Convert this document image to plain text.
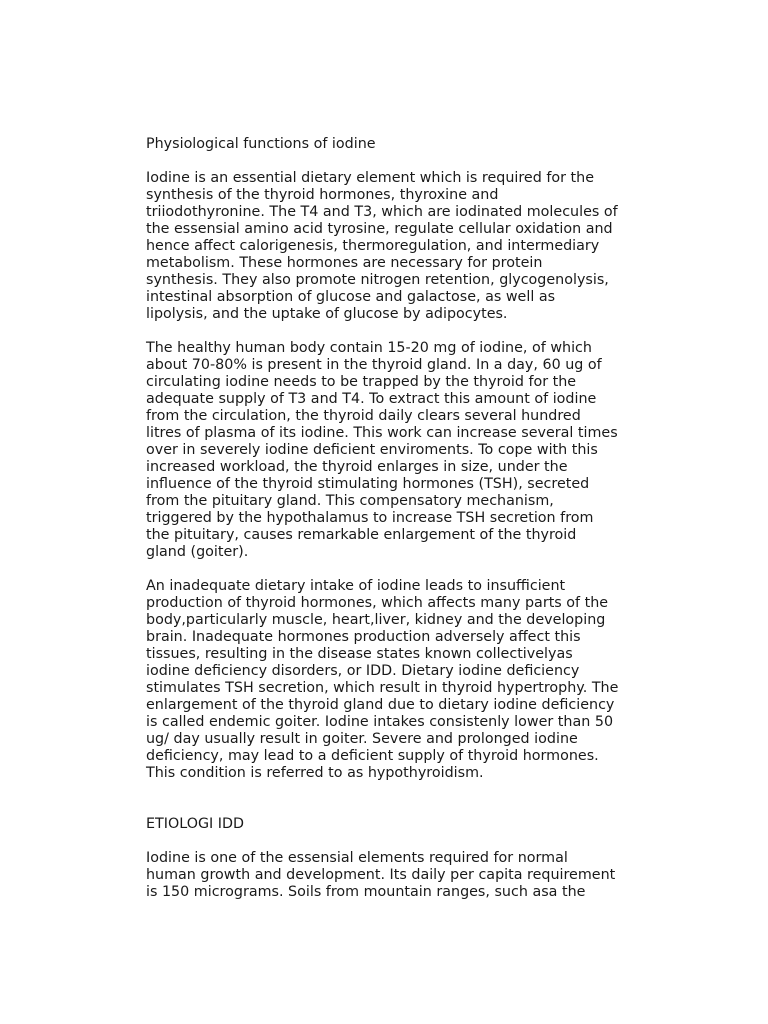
Physiological functions of iodine

Iodine is an essential dietary element which is required for the
synthesis of the thyroid hormones, thyroxine and
triiodothyronine. The T4 and T3, which are iodinated molecules of
the essensial amino acid tyrosine, regulate cellular oxidation and
hence affect calorigenesis, thermoregulation, and intermediary
metabolism. These hormones are necessary for protein
synthesis. They also promote nitrogen retention, glycogenolysis,
intestinal absorption of glucose and galactose, as well as
lipolysis, and the uptake of glucose by adipocytes.

The healthy human body contain 15-20 mg of iodine, of which
about 70-80% is present in the thyroid gland. In a day, 60 ug of
circulating iodine needs to be trapped by the thyroid for the
adequate supply of T3 and T4. To extract this amount of iodine
from the circulation, the thyroid daily clears several hundred
litres of plasma of its iodine. This work can increase several times
over in severely iodine deficient enviroments. To cope with this
increased workload, the thyroid enlarges in size, under the
influence of the thyroid stimulating hormones (TSH), secreted
from the pituitary gland. This compensatory mechanism,
triggered by the hypothalamus to increase TSH secretion from
the pituitary, causes remarkable enlargement of the thyroid
gland (goiter).

An inadequate dietary intake of iodine leads to insufficient
production of thyroid hormones, which affects many parts of the
body,particularly muscle, heart,liver, kidney and the developing
brain. Inadequate hormones production adversely affect this
tissues, resulting in the disease states known collectivelyas
iodine deficiency disorders, or IDD. Dietary iodine deficiency
stimulates TSH secretion, which result in thyroid hypertrophy. The
enlargement of the thyroid gland due to dietary iodine deficiency
is called endemic goiter. Iodine intakes consistenly lower than 50
ug/ day usually result in goiter. Severe and prolonged iodine
deficiency, may lead to a deficient supply of thyroid hormones.
This condition is referred to as hypothyroidism.

ETIOLOGI IDD

Iodine is one of the essensial elements required for normal
human growth and development. Its daily per capita requirement
is 150 micrograms. Soils from mountain ranges, such asa the
